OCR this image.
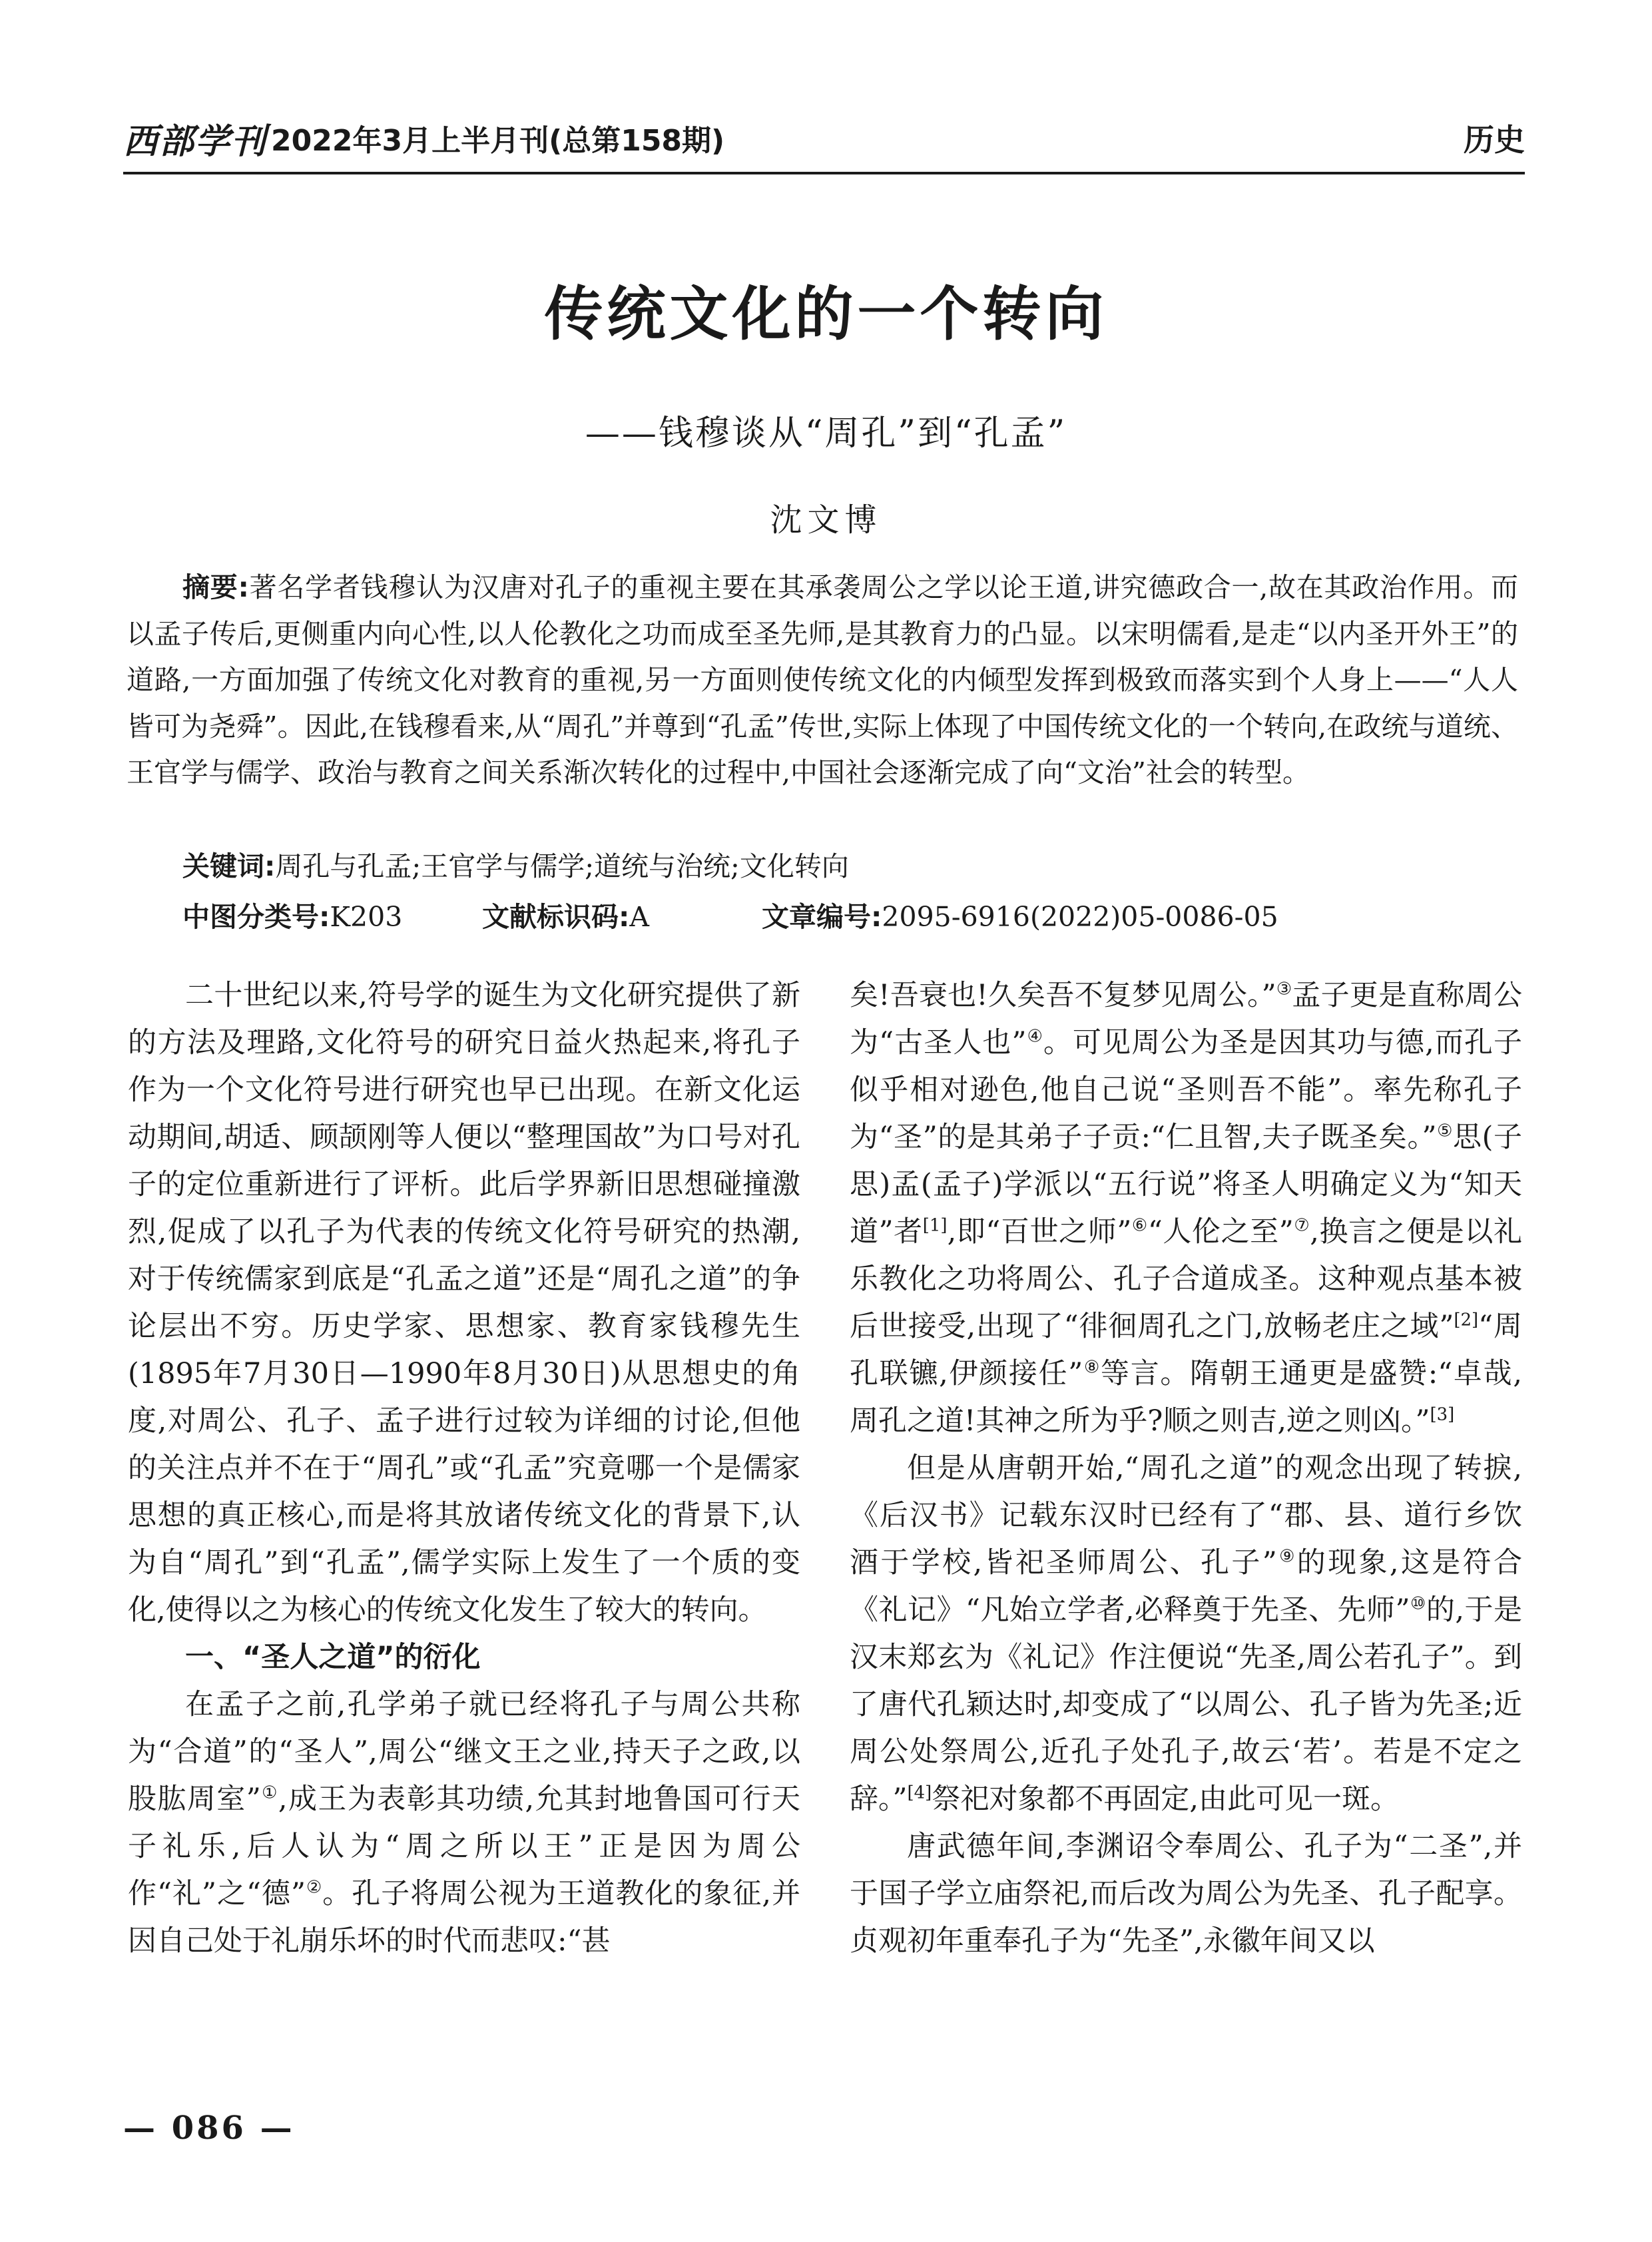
西部学刊 2022年3月上半月刊(总第158期)	历史
传统文化的一个转向
——钱穆谈从“周孔”到“孔孟”
沈文博

摘要:著名学者钱穆认为汉唐对孔子的重视主要在其承袭周公之学以论王道,讲究德政合一,故在其政治作用。而以孟子传后,更侧重内向心性,以人伦教化之功而成至圣先师,是其教育力的凸显。以宋明儒看,是走“以内圣开外王”的道路,一方面加强了传统文化对教育的重视,另一方面则使传统文化的内倾型发挥到极致而落实到个人身上——“人人皆可为尧舜”。因此,在钱穆看来,从“周孔”并尊到“孔孟”传世,实际上体现了中国传统文化的一个转向,在政统与道统、王官学与儒学、政治与教育之间关系渐次转化的过程中,中国社会逐渐完成了向“文治”社会的转型。

关键词:周孔与孔孟;王官学与儒学;道统与治统;文化转向
中图分类号:K203	文献标识码:A	文章编号:2095-6916(2022)05-0086-05

二十世纪以来,符号学的诞生为文化研究提供了新的方法及理路,文化符号的研究日益火热起来,将孔子作为一个文化符号进行研究也早已出现。在新文化运动期间,胡适、顾颉刚等人便以“整理国故”为口号对孔子的定位重新进行了评析。此后学界新旧思想碰撞激烈,促成了以孔子为代表的传统文化符号研究的热潮,对于传统儒家到底是“孔孟之道”还是“周孔之道”的争论层出不穷。历史学家、思想家、教育家钱穆先生(1895年7月30日—1990年8月30日)从思想史的角度,对周公、孔子、孟子进行过较为详细的讨论,但他的关注点并不在于“周孔”或“孔孟”究竟哪一个是儒家思想的真正核心,而是将其放诸传统文化的背景下,认为自“周孔”到“孔孟”,儒学实际上发生了一个质的变化,使得以之为核心的传统文化发生了较大的转向。

一、“圣人之道”的衍化

在孟子之前,孔学弟子就已经将孔子与周公共称为“合道”的“圣人”,周公“继文王之业,持天子之政,以股肱周室”①,成王为表彰其功绩,允其封地鲁国可行天子礼乐,后人认为“周之所以王”正是因为周公作“礼”之“德”②。孔子将周公视为王道教化的象征,并因自己处于礼崩乐坏的时代而悲叹:“甚

矣!吾衰也!久矣吾不复梦见周公。”③孟子更是直称周公为“古圣人也”④。可见周公为圣是因其功与德,而孔子似乎相对逊色,他自己说“圣则吾不能”。率先称孔子为“圣”的是其弟子子贡:“仁且智,夫子既圣矣。”⑤思(子思)孟(孟子)学派以“五行说”将圣人明确定义为“知天道”者[1],即“百世之师”⑥“人伦之至”⑦,换言之便是以礼乐教化之功将周公、孔子合道成圣。这种观点基本被后世接受,出现了“徘徊周孔之门,放畅老庄之域”[2]“周孔联镳,伊颜接任”⑧等言。隋朝王通更是盛赞:“卓哉,周孔之道!其神之所为乎?顺之则吉,逆之则凶。”[3]

但是从唐朝开始,“周孔之道”的观念出现了转捩,《后汉书》记载东汉时已经有了“郡、县、道行乡饮酒于学校,皆祀圣师周公、孔子”⑨的现象,这是符合《礼记》“凡始立学者,必释奠于先圣、先师”⑩的,于是汉末郑玄为《礼记》作注便说“先圣,周公若孔子”。到了唐代孔颖达时,却变成了“以周公、孔子皆为先圣;近周公处祭周公,近孔子处孔子,故云‘若’。若是不定之辞。”[4]祭祀对象都不再固定,由此可见一斑。

唐武德年间,李渊诏令奉周公、孔子为“二圣”,并于国子学立庙祭祀,而后改为周公为先圣、孔子配享。贞观初年重奉孔子为“先圣”,永徽年间又以

— 086 —
